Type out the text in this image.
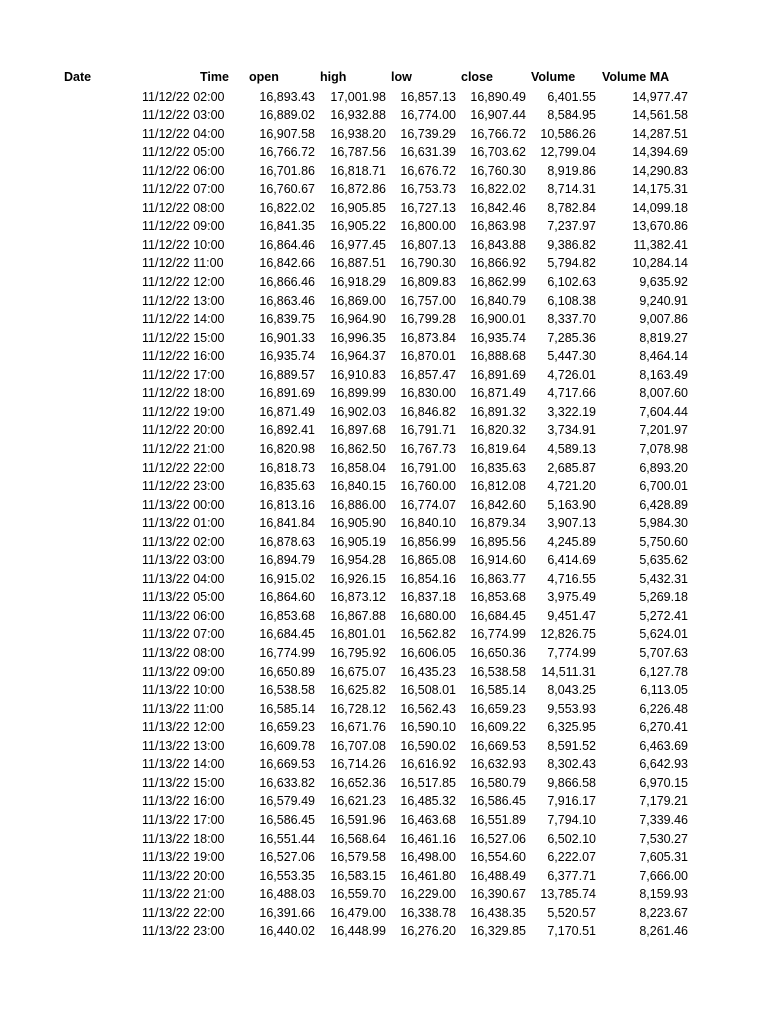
Date	Time open	high	low	close	Volume Volume MA
11/12/22 02:00	16,893.43 17,001.98 16,857.13 16,890.49 6,401.55	14,977.47
11/12/22 03:00	16,889.02 16,932.88 16,774.00 16,907.44 8,584.95	14,561.58
11/12/22 04:00	16,907.58 16,938.20 16,739.29 16,766.72 10,586.26	14,287.51
11/12/22 05:00	16,766.72 16,787.56 16,631.39 16,703.62 12,799.04	14,394.69
11/12/22 06:00	16,701.86 16,818.71 16,676.72 16,760.30 8,919.86	14,290.83
11/12/22 07:00	16,760.67 16,872.86 16,753.73 16,822.02 8,714.31	14,175.31
11/12/22 08:00	16,822.02 16,905.85 16,727.13 16,842.46 8,782.84	14,099.18
11/12/22 09:00	16,841.35 16,905.22 16,800.00 16,863.98 7,237.97	13,670.86
11/12/22 10:00	16,864.46 16,977.45 16,807.13 16,843.88 9,386.82	11,382.41
11/12/22 11:00	16,842.66 16,887.51 16,790.30 16,866.92 5,794.82	10,284.14
11/12/22 12:00	16,866.46 16,918.29 16,809.83 16,862.99 6,102.63	9,635.92
11/12/22 13:00	16,863.46 16,869.00 16,757.00 16,840.79 6,108.38	9,240.91
11/12/22 14:00	16,839.75 16,964.90 16,799.28 16,900.01 8,337.70	9,007.86
11/12/22 15:00	16,901.33 16,996.35 16,873.84 16,935.74 7,285.36	8,819.27
11/12/22 16:00	16,935.74 16,964.37 16,870.01 16,888.68 5,447.30	8,464.14
11/12/22 17:00	16,889.57 16,910.83 16,857.47 16,891.69 4,726.01	8,163.49
11/12/22 18:00	16,891.69 16,899.99 16,830.00 16,871.49 4,717.66	8,007.60
11/12/22 19:00	16,871.49 16,902.03 16,846.82 16,891.32 3,322.19	7,604.44
11/12/22 20:00	16,892.41 16,897.68 16,791.71 16,820.32 3,734.91	7,201.97
11/12/22 21:00	16,820.98 16,862.50 16,767.73 16,819.64 4,589.13	7,078.98
11/12/22 22:00	16,818.73 16,858.04 16,791.00 16,835.63 2,685.87	6,893.20
11/12/22 23:00	16,835.63 16,840.15 16,760.00 16,812.08 4,721.20	6,700.01
11/13/22 00:00	16,813.16 16,886.00 16,774.07 16,842.60 5,163.90	6,428.89
11/13/22 01:00	16,841.84 16,905.90 16,840.10 16,879.34 3,907.13	5,984.30
11/13/22 02:00	16,878.63 16,905.19 16,856.99 16,895.56 4,245.89	5,750.60
11/13/22 03:00	16,894.79 16,954.28 16,865.08 16,914.60 6,414.69	5,635.62
11/13/22 04:00	16,915.02 16,926.15 16,854.16 16,863.77 4,716.55	5,432.31
11/13/22 05:00	16,864.60 16,873.12 16,837.18 16,853.68 3,975.49	5,269.18
11/13/22 06:00	16,853.68 16,867.88 16,680.00 16,684.45 9,451.47	5,272.41
11/13/22 07:00	16,684.45 16,801.01 16,562.82 16,774.99 12,826.75	5,624.01
11/13/22 08:00	16,774.99 16,795.92 16,606.05 16,650.36 7,774.99	5,707.63
11/13/22 09:00	16,650.89 16,675.07 16,435.23 16,538.58 14,511.31	6,127.78
11/13/22 10:00	16,538.58 16,625.82 16,508.01 16,585.14 8,043.25	6,113.05
11/13/22 11:00	16,585.14 16,728.12 16,562.43 16,659.23 9,553.93	6,226.48
11/13/22 12:00	16,659.23 16,671.76 16,590.10 16,609.22 6,325.95	6,270.41
11/13/22 13:00	16,609.78 16,707.08 16,590.02 16,669.53 8,591.52	6,463.69
11/13/22 14:00	16,669.53 16,714.26 16,616.92 16,632.93 8,302.43	6,642.93
11/13/22 15:00	16,633.82 16,652.36 16,517.85 16,580.79 9,866.58	6,970.15
11/13/22 16:00	16,579.49 16,621.23 16,485.32 16,586.45 7,916.17	7,179.21
11/13/22 17:00	16,586.45 16,591.96 16,463.68 16,551.89 7,794.10	7,339.46
11/13/22 18:00	16,551.44 16,568.64 16,461.16 16,527.06 6,502.10	7,530.27
11/13/22 19:00	16,527.06 16,579.58 16,498.00 16,554.60 6,222.07	7,605.31
11/13/22 20:00	16,553.35 16,583.15 16,461.80 16,488.49 6,377.71	7,666.00
11/13/22 21:00	16,488.03 16,559.70 16,229.00 16,390.67 13,785.74	8,159.93
11/13/22 22:00	16,391.66 16,479.00 16,338.78 16,438.35 5,520.57	8,223.67
11/13/22 23:00	16,440.02 16,448.99 16,276.20 16,329.85 7,170.51	8,261.46
